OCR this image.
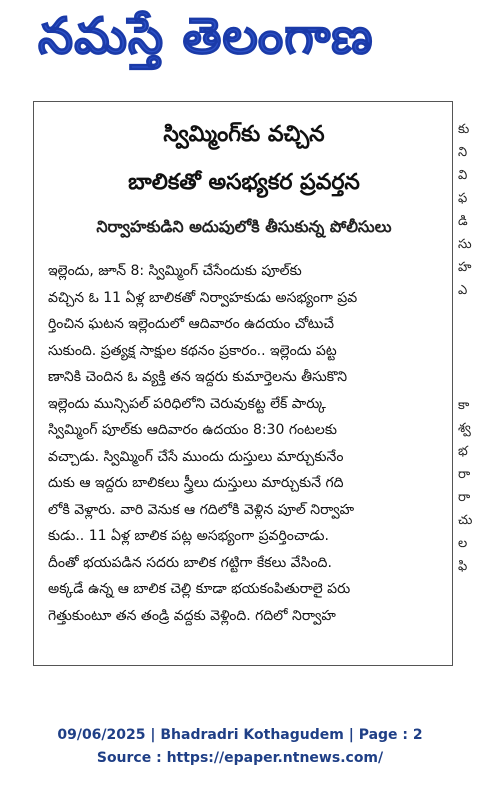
నమస్తే తెలంగాణ
స్విమ్మింగ్‌కు వచ్చిన
బాలికతో అసభ్యకర ప్రవర్తన
నిర్వాహకుడిని అదుపులోకి తీసుకున్న పోలీసులు
ఇల్లెందు, జూన్ 8: స్విమ్మింగ్ చేసేందుకు పూల్‌కు
వచ్చిన ఓ 11 ఏళ్ల బాలికతో నిర్వాహకుడు అసభ్యంగా ప్రవ
ర్తించిన ఘటన ఇల్లెందులో ఆదివారం ఉదయం చోటుచే
సుకుంది. ప్రత్యక్ష సాక్షుల కథనం ప్రకారం.. ఇల్లెందు పట్ట
ణానికి చెందిన ఓ వ్యక్తి తన ఇద్దరు కుమార్తెలను తీసుకొని
ఇల్లెందు మున్సిపల్ పరిధిలోని చెరువుకట్ట లేక్ పార్కు
స్విమ్మింగ్ పూల్‌కు ఆదివారం ఉదయం 8:30 గంటలకు
వచ్చాడు. స్విమ్మింగ్ చేసే ముందు దుస్తులు మార్చుకునేం
దుకు ఆ ఇద్దరు బాలికలు స్త్రీలు దుస్తులు మార్చుకునే గది
లోకి వెళ్లారు. వారి వెనుక ఆ గదిలోకి వెళ్లిన పూల్ నిర్వాహ
కుడు.. 11 ఏళ్ల బాలిక పట్ల అసభ్యంగా ప్రవర్తించాడు.
దీంతో భయపడిన సదరు బాలిక గట్టిగా కేకలు వేసింది.
అక్కడే ఉన్న ఆ బాలిక చెల్లి కూడా భయకంపితురాలై పరు
గెత్తుకుంటూ తన తండ్రి వద్దకు వెళ్లింది. గదిలో నిర్వాహ
కు
ని
వి
ఫ
డి
సు
హ
ఎ
కా
శ్వ
భ
రా
రా
చు
ల
ఫి
09/06/2025 | Bhadradri Kothagudem | Page : 2
Source : https://epaper.ntnews.com/
